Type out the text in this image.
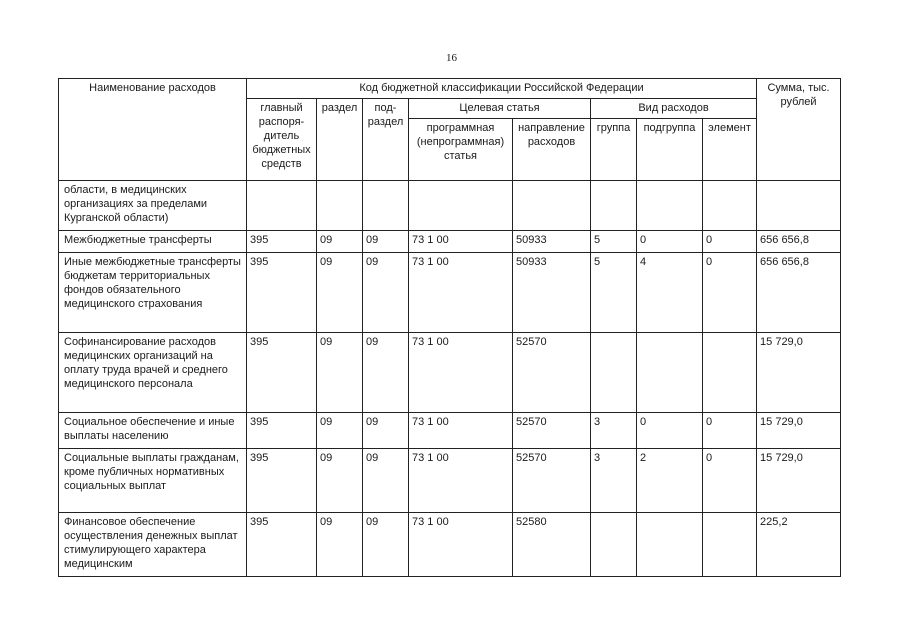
16
Наименование расходов	Код бюджетной классификации Российской Федерации								Сумма, тыс. рублей
	главный распоря-дитель бюджетных средств	раздел	под-раздел	Целевая статья		Вид расходов			
				программная (непрограммная) статья	направление расходов	группа	подгруппа	элемент	
области, в медицинских организациях за пределами Курганской области)									
Межбюджетные трансферты	395	09	09	73 1 00	50933	5	0	0	656 656,8
Иные межбюджетные трансферты бюджетам территориальных фондов обязательного медицинского страхования	395	09	09	73 1 00	50933	5	4	0	656 656,8
Софинансирование расходов медицинских организаций на оплату труда врачей и среднего медицинского персонала	395	09	09	73 1 00	52570				15 729,0
Социальное обеспечение и иные выплаты населению	395	09	09	73 1 00	52570	3	0	0	15 729,0
Социальные выплаты гражданам, кроме публичных нормативных социальных выплат	395	09	09	73 1 00	52570	3	2	0	15 729,0
Финансовое обеспечение осуществления денежных выплат стимулирующего характера медицинским	395	09	09	73 1 00	52580				225,2
